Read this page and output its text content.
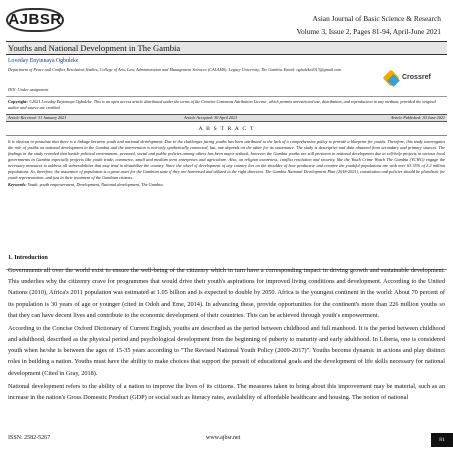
AJBSR	Asian Journal of Basic Science & Research
Volume 3, Issue 2, Pages 81-94, April-June 2021
Youths and National Development in The Gambia
Loveday Enyinnaya Ogbuleke
Department of Peace and Conflict Resolution Studies, College of Arts, Law, Administration and Management Sciences (CALAMS), Legacy University, The Gambia. Email: ogbuleke2013@gmail.com
DOI: Under assignment
Crossref
Copyright: ©2021 Loveday Enyinnaya Ogbuleke. This is an open access article distributed under the terms of the Creative Commons Attribution License, which permits unrestricted use, distribution, and reproduction in any medium, provided the original author and source are credited.
Article Received: 31 January 2021	Article Accepted: 30 April 2021	Article Published: 30 June 2021
A B S T R A C T
It is obvious to postulate that there is a linkage between youth and national development. Due to the challenges facing youths has been attributed to the lack of a comprehensive policy to provide a blueprint for youths. Therefore, this study interrogates the role of youths on national development in the Gambia and the intervention is not-only synthetically connected, but, one depends on the other for its sustenance. The study is descriptive and data obtained from secondary and primary sources. The findings in the study revealed that hostile political environment, personal, social and public policies among others has been major setback, however, the Gambia youths are still pertinent to national development due to self-help projects in various local governments in Gambia especially projects like youth trade, commerce, small and medium term enterprises and agriculture. Also, on religion awareness, conflict resolution and security, like the Youth Crime Watch The Gambia (YCWG) engage the necessary measures to address all vulnerabilities that may tend to destabilize the country. Since the wheel of development of any country lies on the shoulder of how productive and creative the youthful populations are with over 63.35% of 2.2 million populations. So, therefore, the assurance of population is a great asset for the Gambian state if they are harnessed and utilized in the right direction. The Gambia National Development Plan (2018-2021), constitution and policies should be pluralistic for youth representation, and just in their treatment of the Gambian citizens.
Keywords: Youth, youth empowerment, Development, National development, The Gambia.
1. Introduction

Governments all over the world exist to ensure the well-being of the citizenry which in turn have a corresponding impact in driving growth and sustainable development. This underlies why the citizenry crave for programmes that would drive their youth's aspirations for improved living conditions and development. According to the United Nations (2010), Africa's 2011 population was estimated at 1.05 billion and is expected to double by 2050. Africa is the youngest continent in the world: About 70 percent of its population is 30 years of age or younger (cited in Odoh and Eme, 2014). In advancing these, provide opportunities for the continent's more than 226 million youths so that they can have decent lives and contribute to the economic development of their countries. This can be achieved through youth's empowerment.

According to the Concise Oxford Dictionary of Current English, youths are described as the period between childhood and full manhood. It is the period between childhood and adulthood, described as the physical period and psychological development from the beginning of puberty to maturity and early adulthood. In Liberia, one is considered youth when he/she is between the ages of 15-35 years according to "The Revised National Youth Policy (2009-2017)". Youths become dynamic in actions and play distinct roles in building a nation. Youths must have the ability to make choices that support the pursuit of educational goals and the development of life skills necessary for national development (Cited in Gray, 2018).

National development refers to the ability of a nation to improve the lives of its citizens. The measures taken to bring about this improvement may be material, such as an increase in the nation's Gross Domestic Product (GDP) or social such as literacy rates, availability of affordable healthcare and housing. The notion of national

ISSN: 2582-5267	www.ajbsr.net	81
